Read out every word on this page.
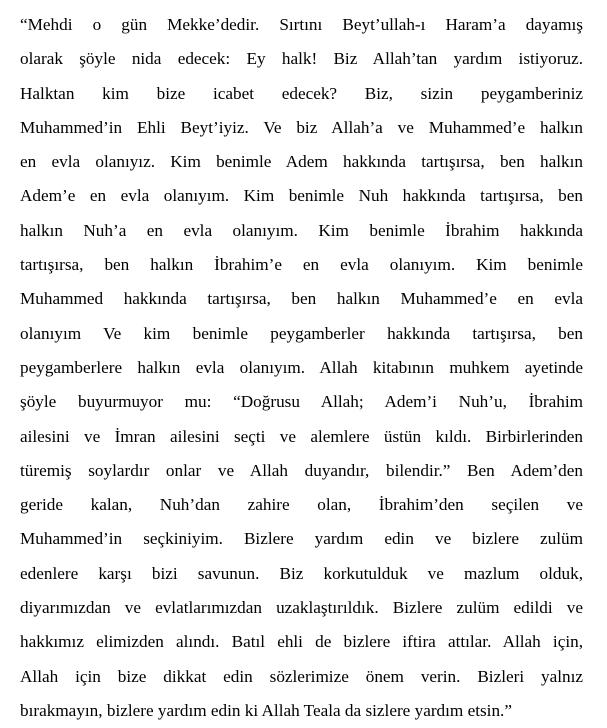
“Mehdi o gün Mekke’dedir. Sırtını Beyt’ullah-ı Haram’a dayamış
olarak şöyle nida edecek: Ey halk! Biz Allah’tan yardım istiyoruz.
Halktan kim bize icabet edecek? Biz, sizin peygamberiniz
Muhammed’in Ehli Beyt’iyiz. Ve biz Allah’a ve Muhammed’e halkın
en evla olanıyız. Kim benimle Adem hakkında tartışırsa, ben halkın
Adem’e en evla olanıyım. Kim benimle Nuh hakkında tartışırsa, ben
halkın Nuh’a en evla olanıyım. Kim benimle İbrahim hakkında
tartışırsa, ben halkın İbrahim’e en evla olanıyım. Kim benimle
Muhammed hakkında tartışırsa, ben halkın Muhammed’e en evla
olanıyım Ve kim benimle peygamberler hakkında tartışırsa, ben
peygamberlere halkın evla olanıyım. Allah kitabının muhkem ayetinde
şöyle buyurmuyor mu: “Doğrusu Allah; Adem’i Nuh’u, İbrahim
ailesini ve İmran ailesini seçti ve alemlere üstün kıldı. Birbirlerinden
türemiş soylardır onlar ve Allah duyandır, bilendir.” Ben Adem’den
geride kalan, Nuh’dan zahire olan, İbrahim’den seçilen ve
Muhammed’in seçkiniyim. Bizlere yardım edin ve bizlere zulüm
edenlere karşı bizi savunun. Biz korkutulduk ve mazlum olduk,
diyarımızdan ve evlatlarımızdan uzaklaştırıldık. Bizlere zulüm edildi ve
hakkımız elimizden alındı. Batıl ehli de bizlere iftira attılar. Allah için,
Allah için bize dikkat edin sözlerimize önem verin. Bizleri yalnız
bırakmayın, bizlere yardım edin ki Allah Teala da sizlere yardım etsin.”
